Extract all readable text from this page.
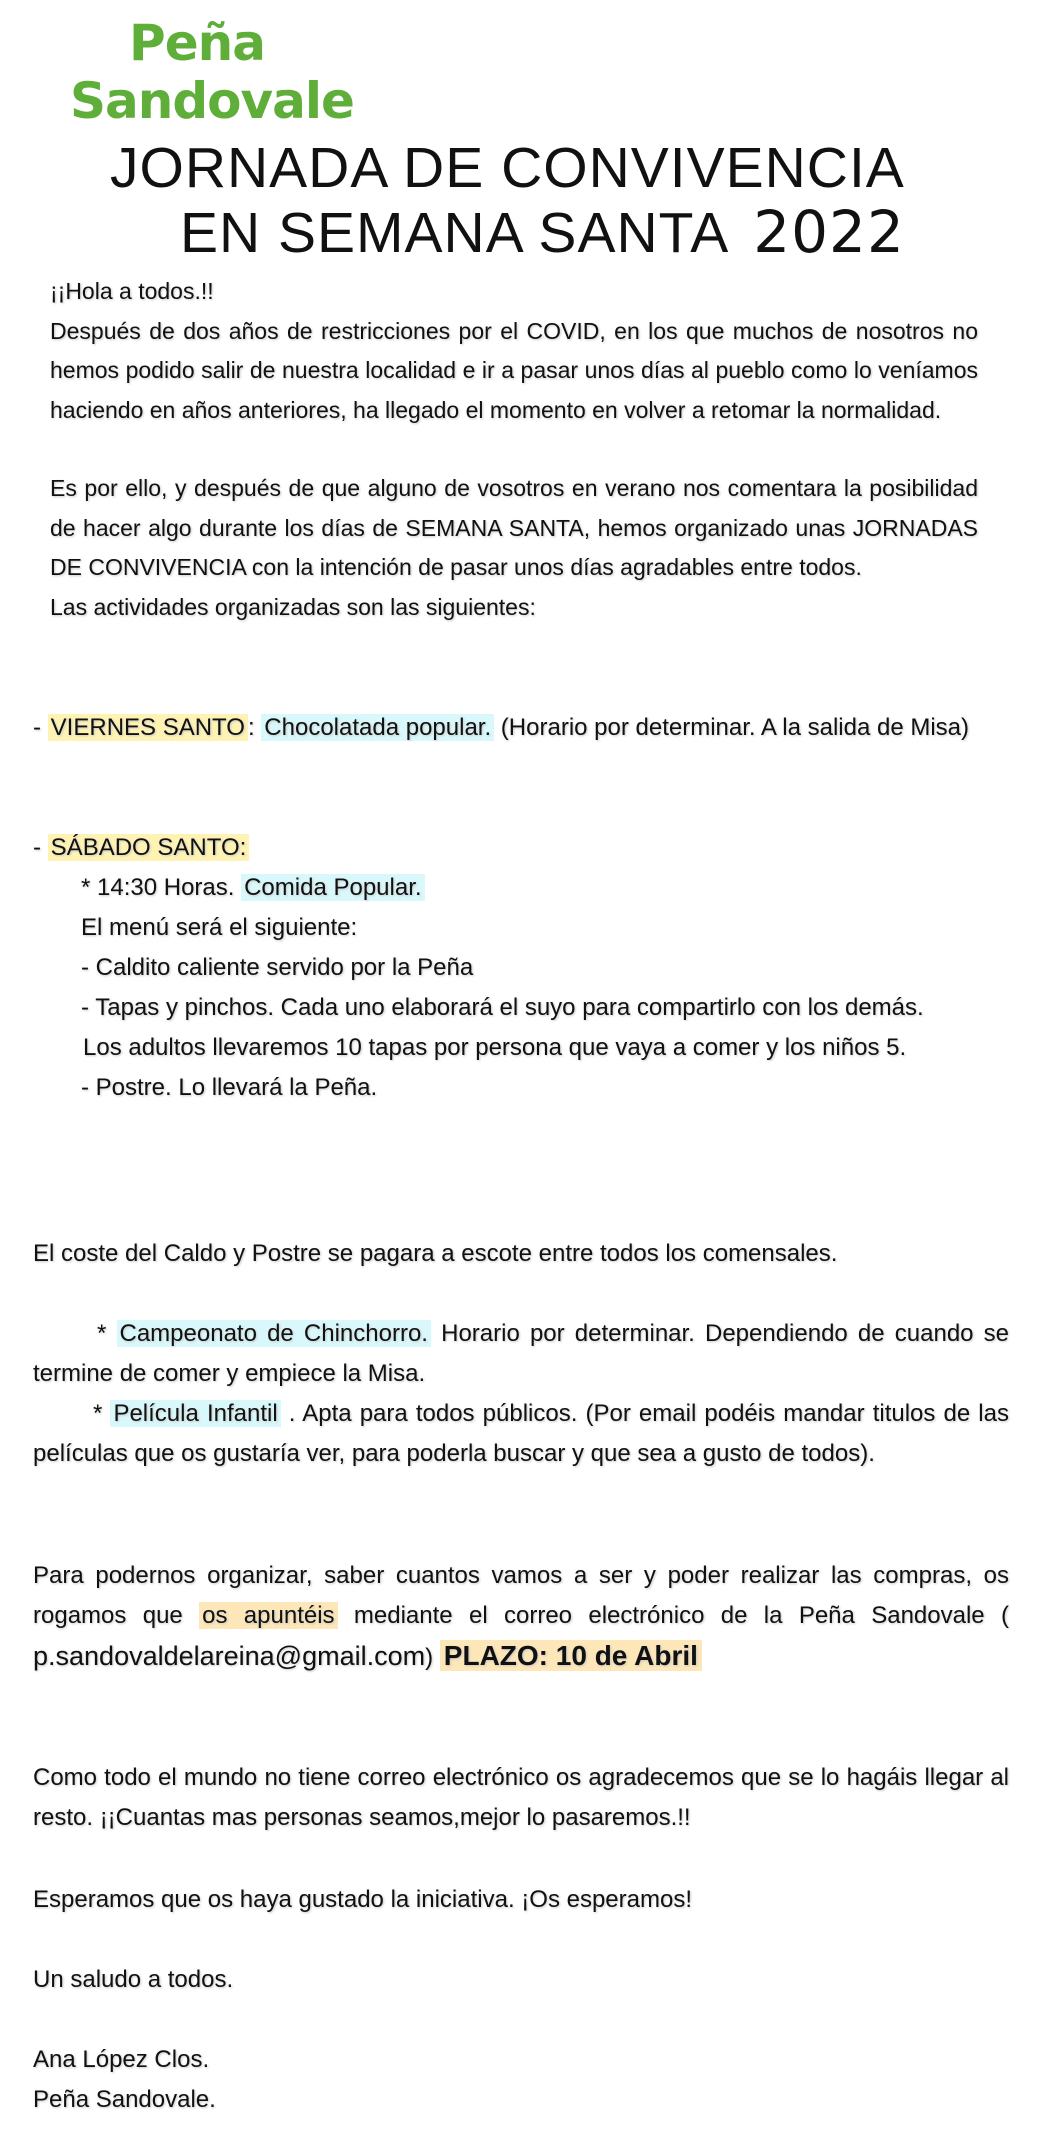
Peña
Sandovale
JORNADA DE CONVIVENCIA
EN SEMANA SANTA 2022

¡¡Hola a todos.!!

Después de dos años de restricciones por el COVID, en los que muchos de nosotros no hemos podido salir de nuestra localidad e ir a pasar unos días al pueblo como lo veníamos haciendo en años anteriores, ha llegado el momento en volver a retomar la normalidad.

Es por ello, y después de que alguno de vosotros en verano nos comentara la posibilidad de hacer algo durante los días de SEMANA SANTA, hemos organizado unas JORNADAS DE CONVIVENCIA con la intención de pasar unos días agradables entre todos.

Las actividades organizadas son las siguientes:

- VIERNES SANTO : Chocolatada popular. (Horario por determinar. A la salida de Misa)
- SÁBADO SANTO:
* 14:30 Horas. Comida Popular.
El menú será el siguiente:
- Caldito caliente servido por la Peña
- Tapas y pinchos. Cada uno elaborará el suyo para compartirlo con los demás.
Los adultos llevaremos 10 tapas por persona que vaya a comer y los niños 5.
- Postre. Lo llevará la Peña.
El coste del Caldo y Postre se pagara a escote entre todos los comensales.
* Campeonato de Chinchorro. Horario por determinar. Dependiendo de cuando se termine de comer y empiece la Misa.
* Película Infantil . Apta para todos públicos. (Por email podéis mandar titulos de las películas que os gustaría ver, para poderla buscar y que sea a gusto de todos).
Para podernos organizar, saber cuantos vamos a ser y poder realizar las compras, os rogamos que os apuntéis mediante el correo electrónico de la Peña Sandovale ( p.sandovaldelareina@gmail.com) PLAZO: 10 de Abril
Como todo el mundo no tiene correo electrónico os agradecemos que se lo hagáis llegar al resto. ¡¡Cuantas mas personas seamos,mejor lo pasaremos.!!
Esperamos que os haya gustado la iniciativa. ¡Os esperamos!
Un saludo a todos.
Ana López Clos.
Peña Sandovale.
